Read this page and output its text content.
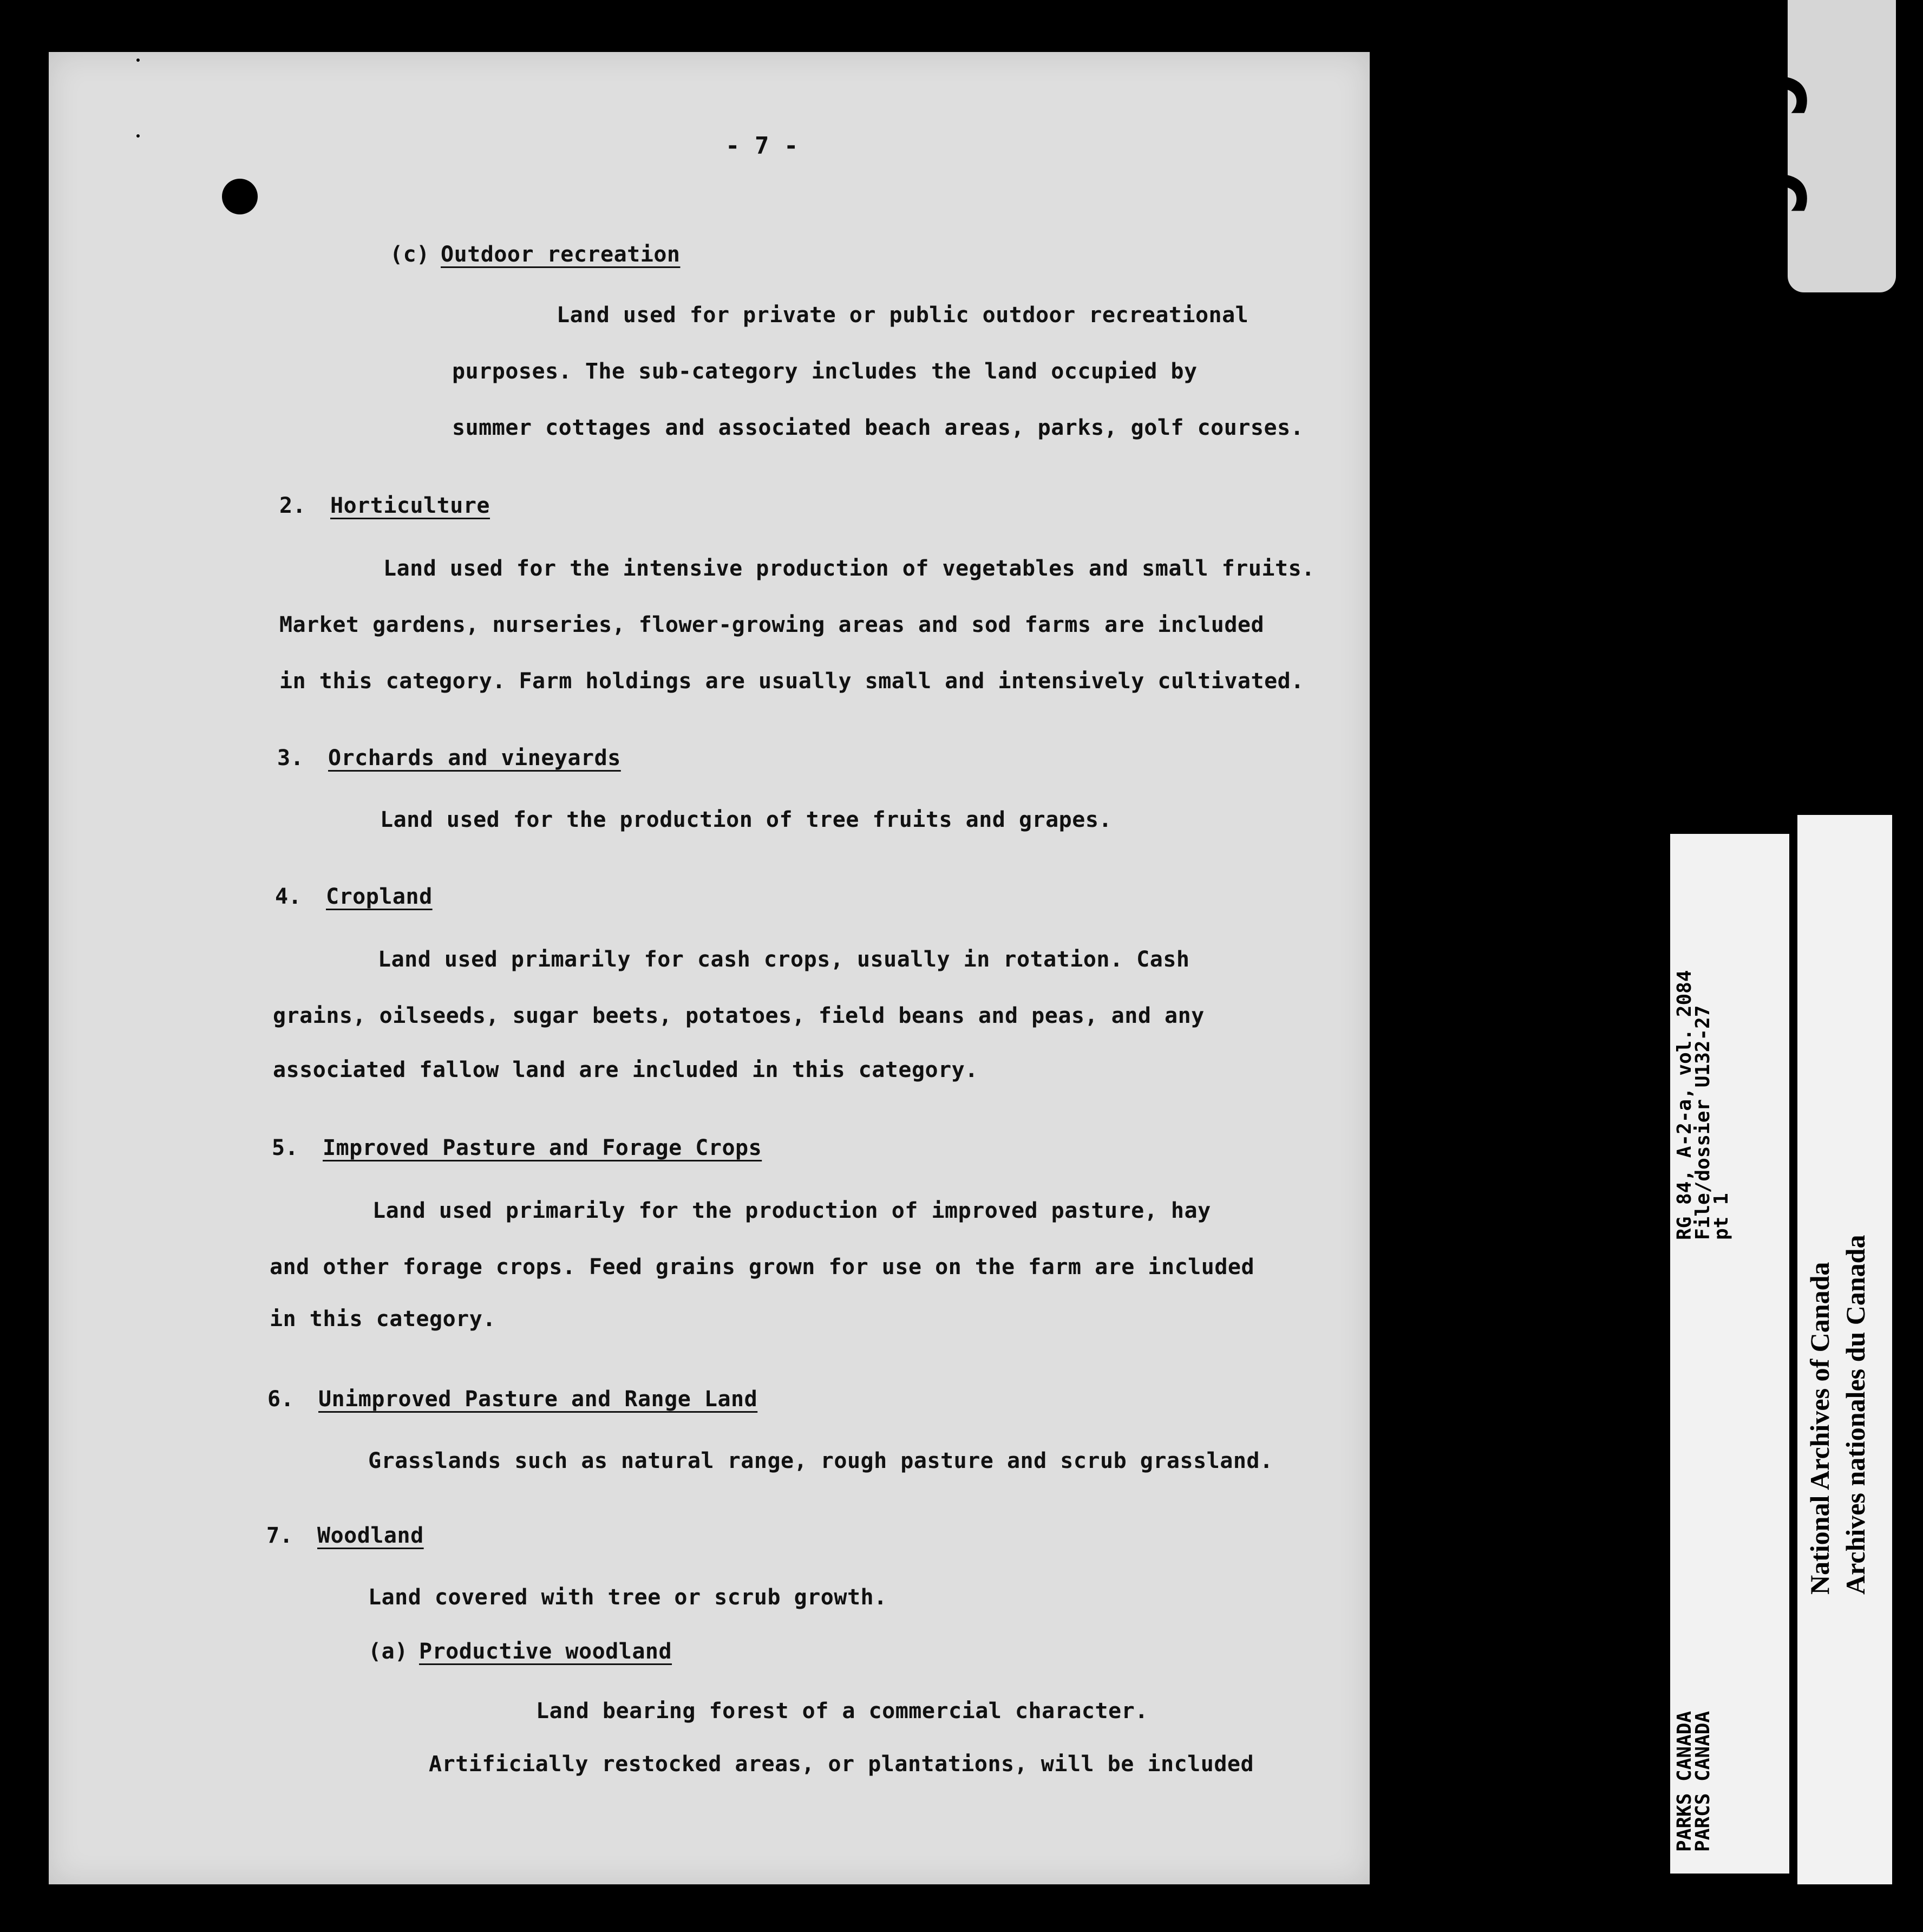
- 7 -

(c) Outdoor recreation

Land used for private or public outdoor recreational

purposes. The sub-category includes the land occupied by

summer cottages and associated beach areas, parks, golf courses.

2. Horticulture

Land used for the intensive production of vegetables and small fruits.

Market gardens, nurseries, flower-growing areas and sod farms are included

in this category. Farm holdings are usually small and intensively cultivated.

3. Orchards and vineyards

Land used for the production of tree fruits and grapes.

4. Cropland

Land used primarily for cash crops, usually in rotation. Cash

grains, oilseeds, sugar beets, potatoes, field beans and peas, and any

associated fallow land are included in this category.

5. Improved Pasture and Forage Crops

Land used primarily for the production of improved pasture, hay

and other forage crops. Feed grains grown for use on the farm are included

in this category.

6. Unimproved Pasture and Range Land

Grasslands such as natural range, rough pasture and scrub grassland.

7. Woodland

Land covered with tree or scrub growth.

(a) Productive woodland

Land bearing forest of a commercial character.

Artificially restocked areas, or plantations, will be included

C C
RG 84, A-2-a, vol. 2084
File/dossier U132-27
pt 1
PARKS CANADA
PARCS CANADA
National Archives of Canada Archives nationales du Canada
